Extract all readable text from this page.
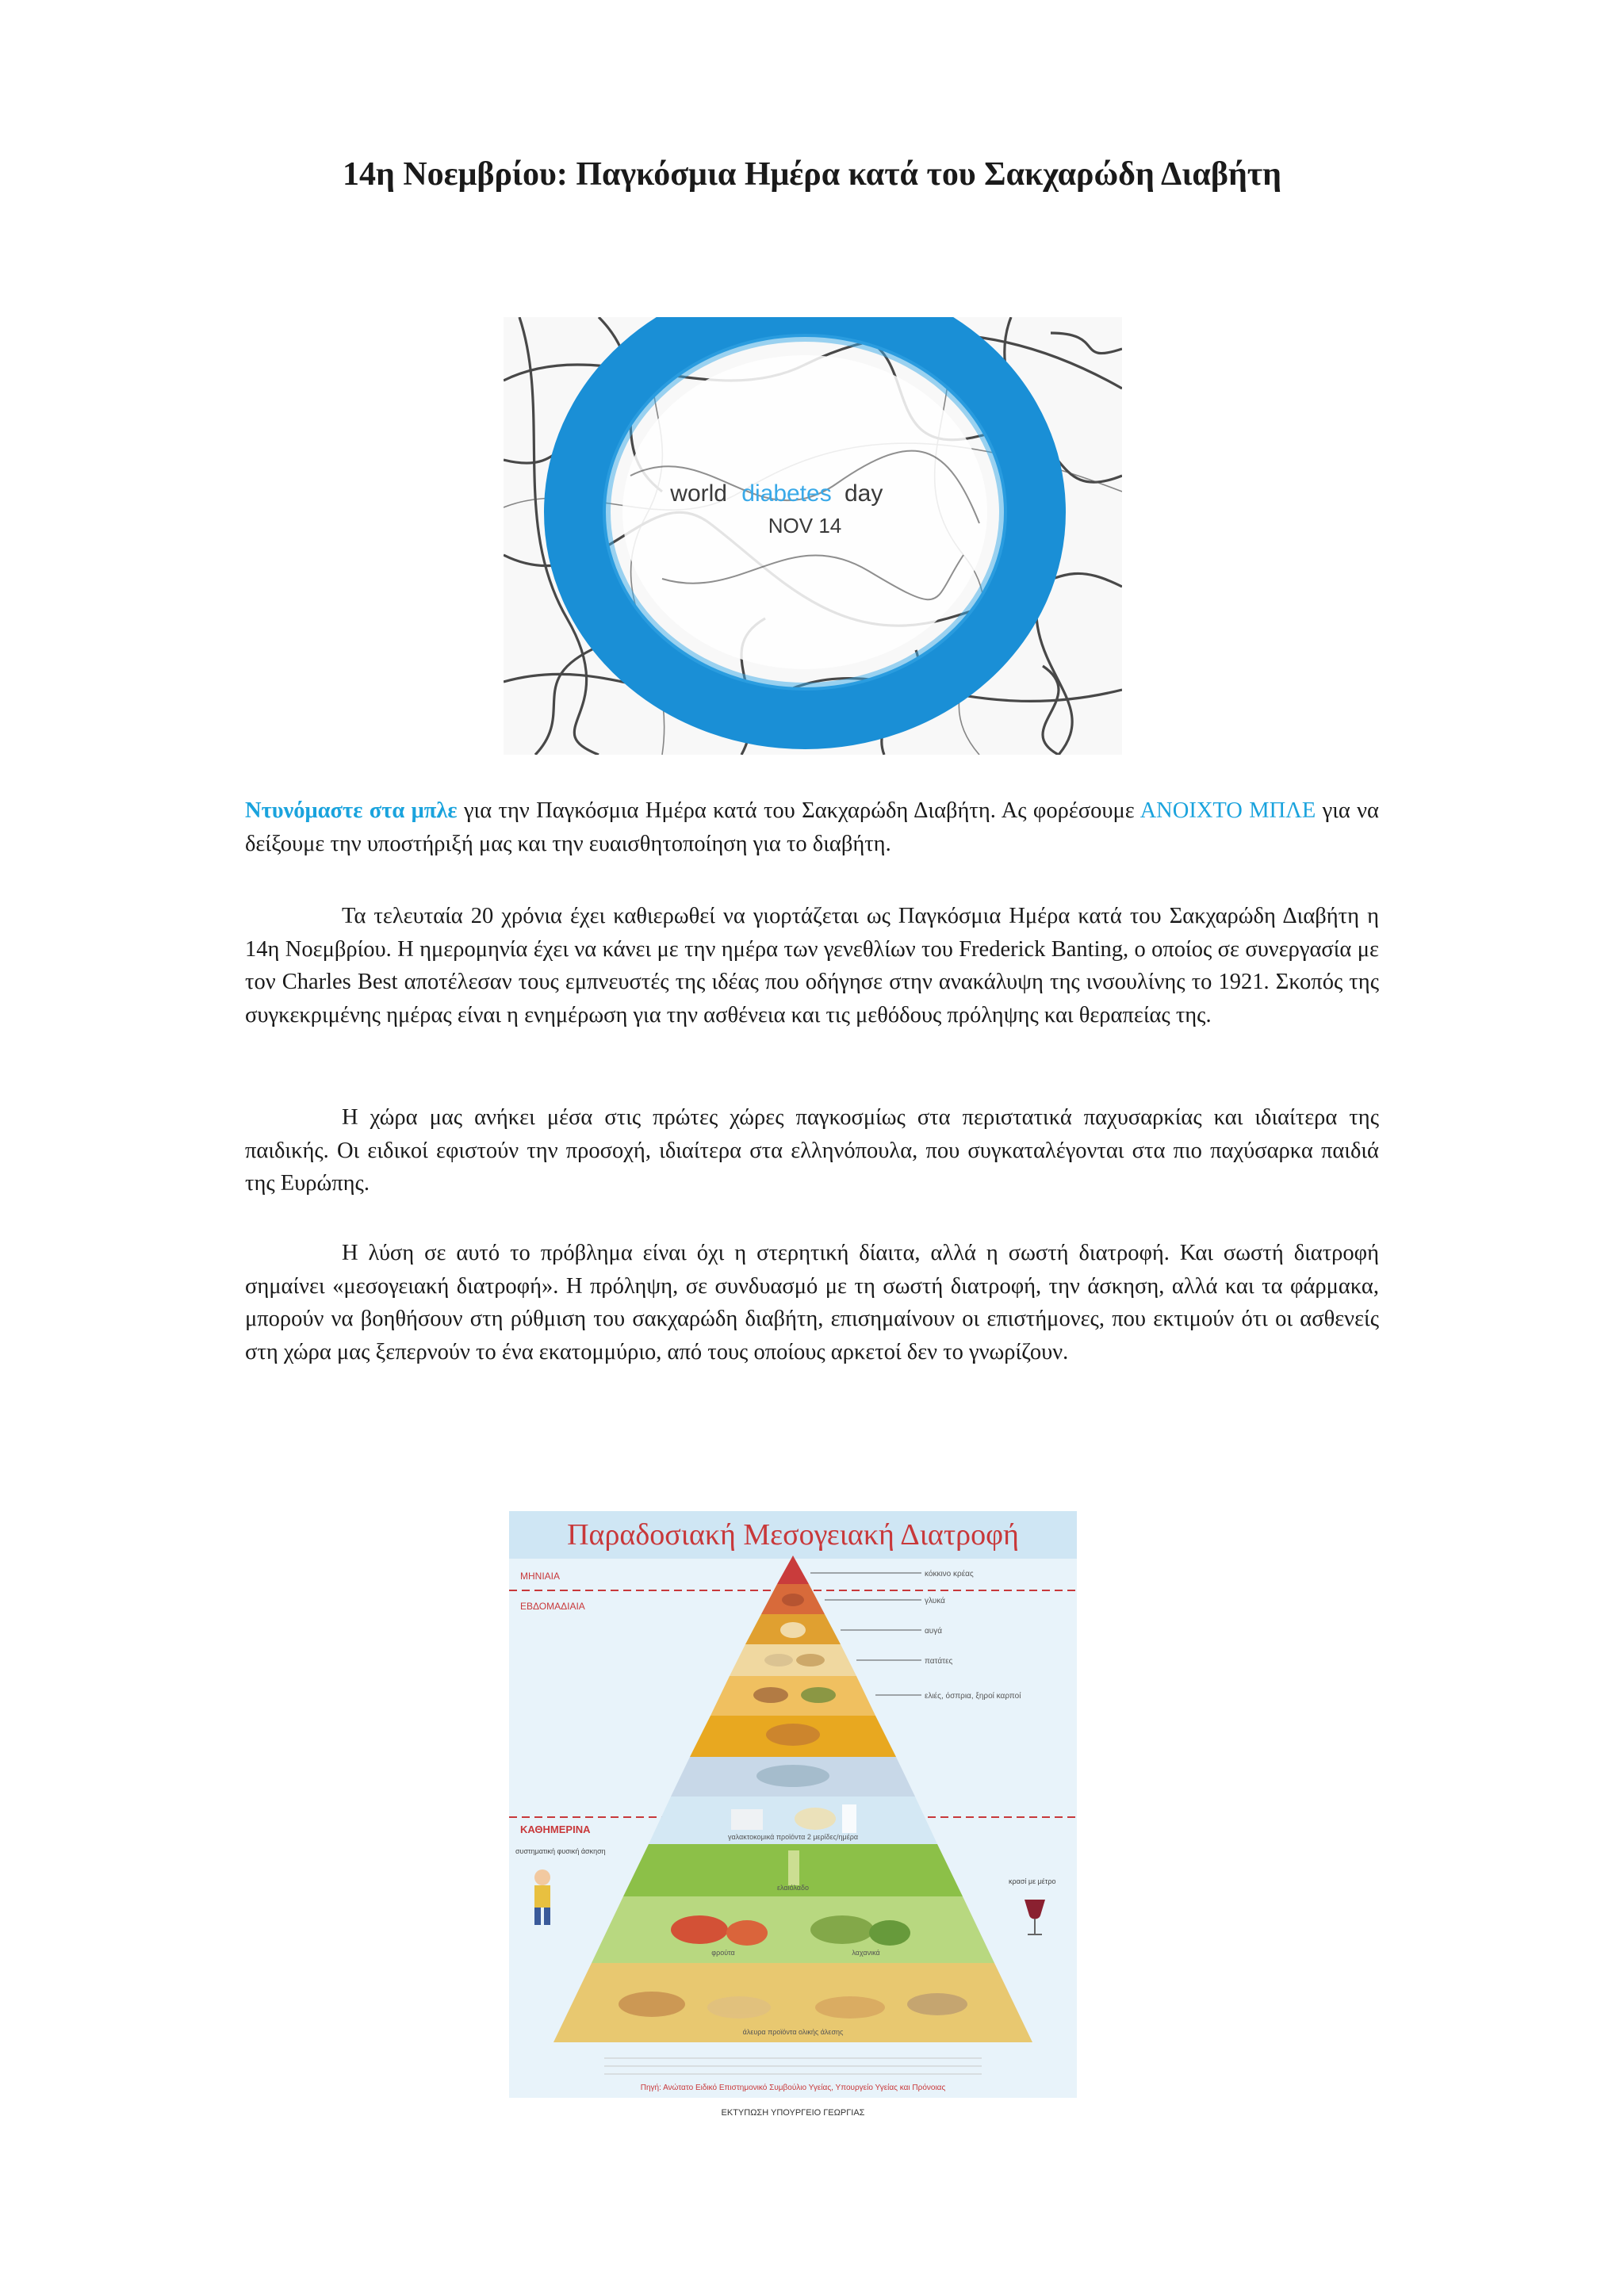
14η Νοεμβρίου: Παγκόσμια Ημέρα κατά του Σακχαρώδη Διαβήτη
world diabetes day
NOV 14

Ντυνόμαστε στα μπλε για την Παγκόσμια Ημέρα κατά του Σακχαρώδη Διαβήτη. Ας φορέσουμε ΑΝΟΙΧΤΟ ΜΠΛΕ για να δείξουμε την υποστήριξή μας και την ευαισθητοποίηση για το διαβήτη.

Τα τελευταία 20 χρόνια έχει καθιερωθεί να γιορτάζεται ως Παγκόσμια Ημέρα κατά του Σακχαρώδη Διαβήτη η 14η Νοεμβρίου. Η ημερομηνία έχει να κάνει με την ημέρα των γενεθλίων του Frederick Banting, ο οποίος σε συνεργασία με τον Charles Best αποτέλεσαν τους εμπνευστές της ιδέας που οδήγησε στην ανακάλυψη της ινσουλίνης το 1921. Σκοπός της συγκεκριμένης ημέρας είναι η ενημέρωση για την ασθένεια και τις μεθόδους πρόληψης και θεραπείας της.

Η χώρα μας ανήκει μέσα στις πρώτες χώρες παγκοσμίως στα περιστατικά παχυσαρκίας και ιδιαίτερα της παιδικής. Οι ειδικοί εφιστούν την προσοχή, ιδιαίτερα στα ελληνόπουλα, που συγκαταλέγονται στα πιο παχύσαρκα παιδιά της Ευρώπης.

Η λύση σε αυτό το πρόβλημα είναι όχι η στερητική δίαιτα, αλλά η σωστή διατροφή. Και σωστή διατροφή σημαίνει «μεσογειακή διατροφή». Η πρόληψη, σε συνδυασμό με τη σωστή διατροφή, την άσκηση, αλλά και τα φάρμακα, μπορούν να βοηθήσουν στη ρύθμιση του σακχαρώδη διαβήτη, επισημαίνουν οι επιστήμονες, που εκτιμούν ότι οι ασθενείς στη χώρα μας ξεπερνούν το ένα εκατομμύριο, από τους οποίους αρκετοί δεν το γνωρίζουν.

Παραδοσιακή Μεσογειακή Διατροφή
ΜΗΝΙΑΙΑ
ΕΒΔΟΜΑΔΙΑΙΑ
ΚΑΘΗΜΕΡΙΝΑ
κόκκινο κρέας
γλυκά
αυγά
πατάτες
ελιές, όσπρια, ξηροί καρποί
γαλακτοκομικά προϊόντα 2 μερίδες/ημέρα
ελαιόλαδο
φρούτα	λαχανικά
άλευρα προϊόντα ολικής άλεσης
συστηματική φυσική άσκηση
κρασί με μέτρο
Πηγή: Ανώτατο Ειδικό Επιστημονικό Συμβούλιο Υγείας, Υπουργείο Υγείας και Πρόνοιας
ΕΚΤΥΠΩΣΗ ΥΠΟΥΡΓΕΙΟ ΓΕΩΡΓΙΑΣ
